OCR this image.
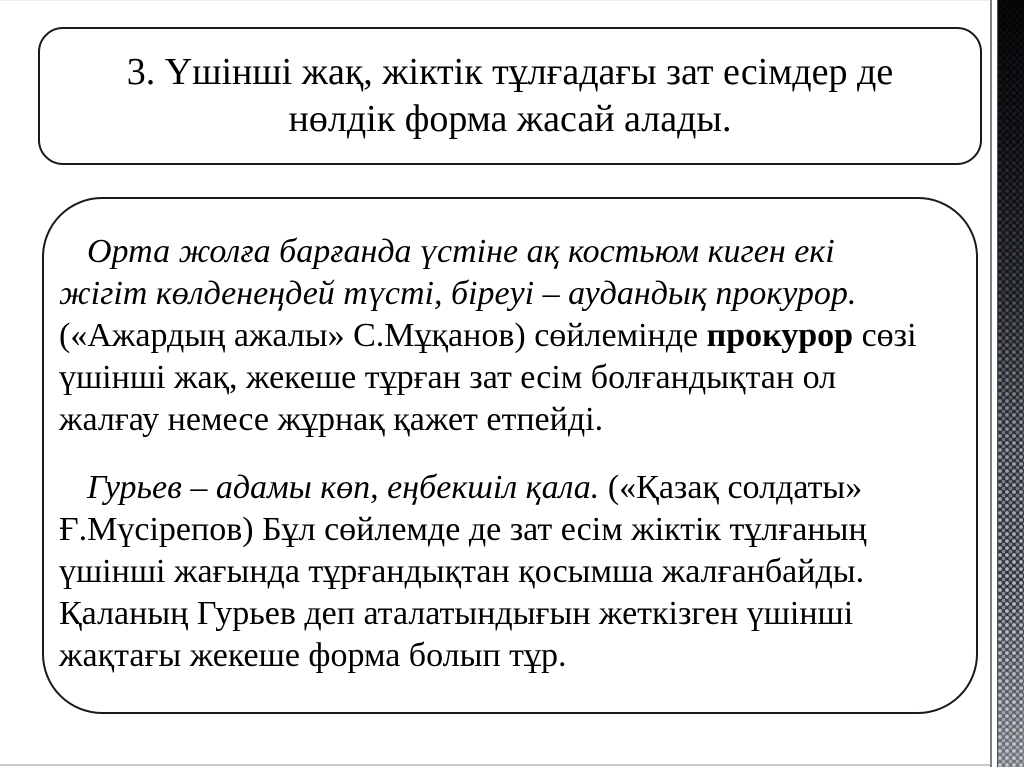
3. Үшінші жақ, жіктік тұлғадағы зат есімдер де нөлдік форма жасай алады.

Орта жолға барғанда үстіне ақ костьюм киген екі жігіт көлденеңдей түсті, біреуі – аудандық прокурор. («Ажардың ажалы» С.Мұқанов) сөйлемінде прокурор сөзі үшінші жақ, жекеше тұрған зат есім болғандықтан ол жалғау немесе жұрнақ қажет етпейді.

Гурьев – адамы көп, еңбекшіл қала. («Қазақ солдаты» Ғ.Мүсірепов) Бұл сөйлемде де зат есім жіктік тұлғаның үшінші жағында тұрғандықтан қосымша жалғанбайды. Қаланың Гурьев деп аталатындығын жеткізген үшінші жақтағы жекеше форма болып тұр.
